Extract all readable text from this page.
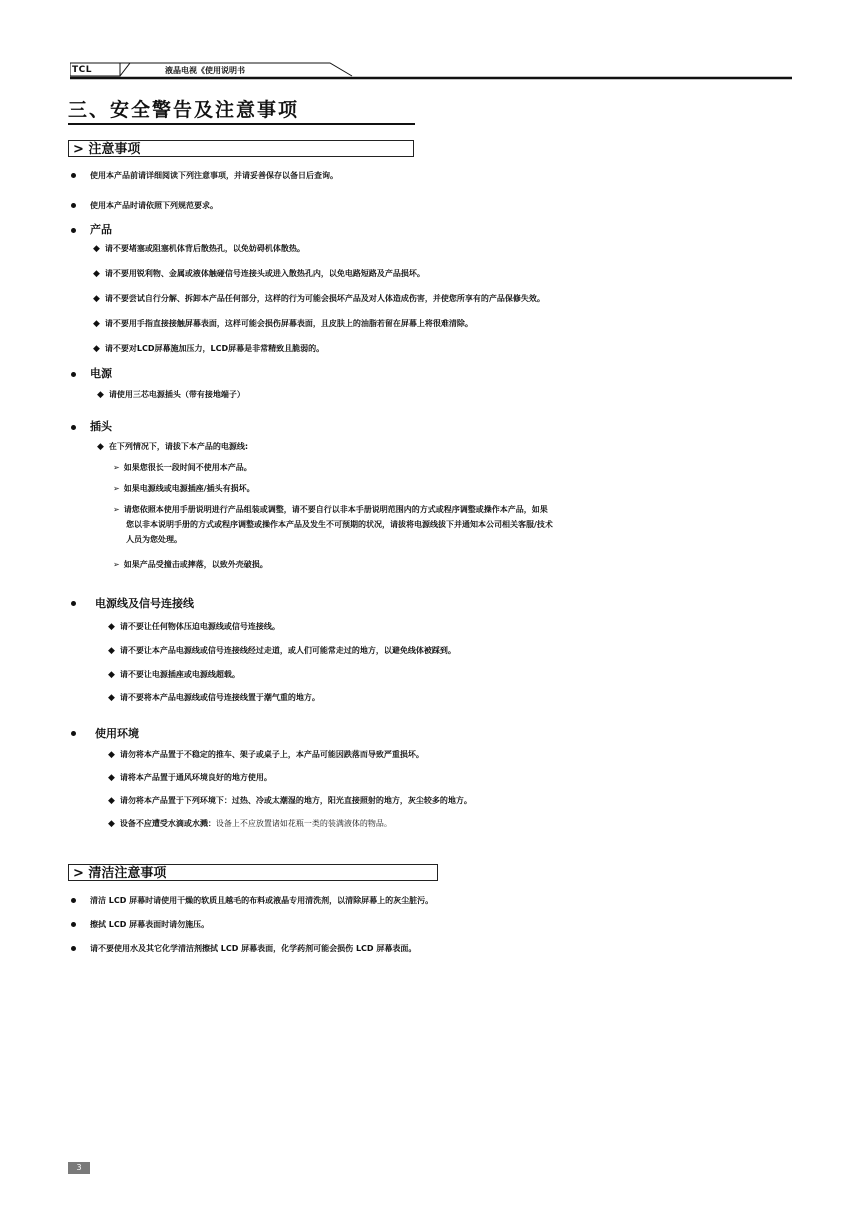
TCL	液晶电视《使用说明书
三、安全警告及注意事项
> 注意事项
使用本产品前请详细阅读下列注意事项，并请妥善保存以备日后查询。
使用本产品时请依照下列规范要求。
产品
◆ 请不要堵塞或阻塞机体背后散热孔，以免妨碍机体散热。
◆ 请不要用锐利物、金属或液体触碰信号连接头或进入散热孔内，以免电路短路及产品损坏。
◆ 请不要尝试自行分解、拆卸本产品任何部分，这样的行为可能会损坏产品及对人体造成伤害，并使您所享有的产品保修失效。
◆ 请不要用手指直接接触屏幕表面，这样可能会损伤屏幕表面，且皮肤上的油脂若留在屏幕上将很难清除。
◆ 请不要对LCD屏幕施加压力，LCD屏幕是非常精致且脆弱的。
电源
◆ 请使用三芯电源插头（带有接地端子）
插头
◆ 在下列情况下，请拔下本产品的电源线:
➢ 如果您很长一段时间不使用本产品。
➢ 如果电源线或电源插座/插头有损坏。
➢ 请您依照本使用手册说明进行产品组装或调整，请不要自行以非本手册说明范围内的方式或程序调整或操作本产品，如果
您以非本说明手册的方式或程序调整或操作本产品及发生不可预期的状况，请拔将电源线拔下并通知本公司相关客服/技术
人员为您处理。
➢ 如果产品受撞击或摔落，以致外壳破损。
电源线及信号连接线
◆ 请不要让任何物体压迫电源线或信号连接线。
◆ 请不要让本产品电源线或信号连接线经过走道，或人们可能常走过的地方，以避免线体被踩到。
◆ 请不要让电源插座或电源线超载。
◆ 请不要将本产品电源线或信号连接线置于潮气重的地方。
使用环境
◆ 请勿将本产品置于不稳定的推车、架子或桌子上，本产品可能因跌落而导致严重损坏。
◆ 请将本产品置于通风环境良好的地方使用。
◆ 请勿将本产品置于下列环境下：过热、冷或太潮湿的地方，阳光直接照射的地方，灰尘较多的地方。
◆ 设备不应遭受水滴或水溅：设备上不应放置诸如花瓶一类的装满液体的物品。
> 清洁注意事项
清洁 LCD 屏幕时请使用干燥的软质且越毛的布料或液晶专用清洗剂，以清除屏幕上的灰尘脏污。
擦拭 LCD 屏幕表面时请勿施压。
请不要使用水及其它化学清洁剂擦拭 LCD 屏幕表面，化学药剂可能会损伤 LCD 屏幕表面。
3
